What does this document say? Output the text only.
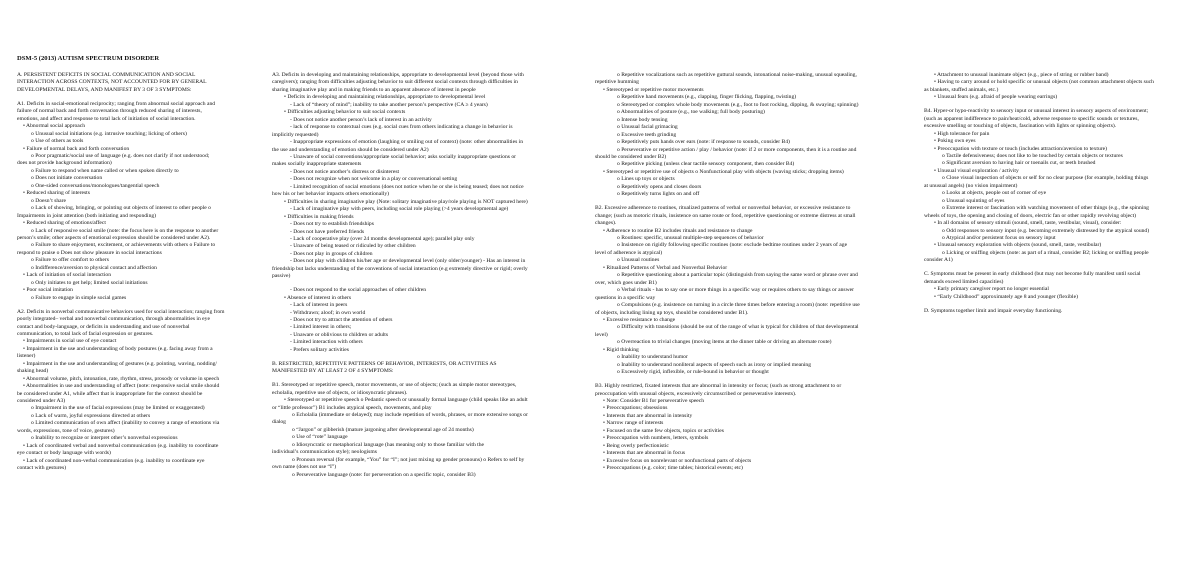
DSM-5 (2013) AUTISM SPECTRUM DISORDER
A. PERSISTENT DEFICITS IN SOCIAL COMMUNICATION AND SOCIAL
INTERACTION ACROSS CONTEXTS, NOT ACCOUNTED FOR BY GENERAL
DEVELOPMENTAL DELAYS, AND MANIFEST BY 3 OF 3 SYMPTOMS:
A1. Deficits in social-emotional reciprocity; ranging from abnormal social approach and
failure of normal back and forth conversation through reduced sharing of interests,
emotions, and affect and response to total lack of initiation of social interaction.
• Abnormal social approach
o Unusual social initiations (e.g. intrusive touching; licking of others)
o Use of others as tools
• Failure of normal back and forth conversation
o Poor pragmatic/social use of language (e.g. does not clarify if not understood;
does not provide background information)
o Failure to respond when name called or when spoken directly to
o Does not initiate conversation
o One-sided conversations/monologues/tangential speech
• Reduced sharing of interests
o Doesn’t share
o Lack of showing, bringing, or pointing out objects of interest to other people o
Impairments in joint attention (both initiating and responding)
• Reduced sharing of emotions/affect
o Lack of responsive social smile (note: the focus here is on the response to another
person’s smile; other aspects of emotional expression should be considered under A2).
o Failure to share enjoyment, excitement, or achievements with others o Failure to
respond to praise o Does not show pleasure in social interactions
o Failure to offer comfort to others
o Indifference/aversion to physical contact and affection
• Lack of initiation of social interaction
o Only initiates to get help; limited social initiations
• Poor social imitation
o Failure to engage in simple social games
A2. Deficits in nonverbal communicative behaviors used for social interaction; ranging from
poorly integrated– verbal and nonverbal communication, through abnormalities in eye
contact and body-language, or deficits in understanding and use of nonverbal
communication, to total lack of facial expression or gestures.
• Impairments in social use of eye contact
• Impairment in the use and understanding of body postures (e.g. facing away from a
listener)
• Impairment in the use and understanding of gestures (e.g. pointing, waving, nodding/
shaking head)
• Abnormal volume, pitch, intonation, rate, rhythm, stress, prosody or volume in speech
• Abnormalities in use and understanding of affect (note: responsive social smile should
be considered under A1, while affect that is inappropriate for the context should be
considered under A3)
o Impairment in the use of facial expressions (may be limited or exaggerated)
o Lack of warm, joyful expressions directed at others
o Limited communication of own affect (inability to convey a range of emotions via
words, expressions, tone of voice, gestures)
o Inability to recognize or interpret other’s nonverbal expressions
• Lack of coordinated verbal and nonverbal communication (e.g. inability to coordinate
eye contact or body language with words)
• Lack of coordinated non-verbal communication (e.g. inability to coordinate eye
contact with gestures)
A3. Deficits in developing and maintaining relationships, appropriate to developmental level (beyond those with
caregivers); ranging from difficulties adjusting behavior to suit different social contexts through difficulties in
sharing imaginative play and in making friends to an apparent absence of interest in people
• Deficits in developing and maintaining relationships, appropriate to developmental level
- Lack of “theory of mind”; inability to take another person’s perspective (CA ≥ 4 years)
• Difficulties adjusting behavior to suit social contexts
- Does not notice another person’s lack of interest in an activity
- lack of response to contextual cues (e.g. social cues from others indicating a change in behavior is
implicitly requested)
- Inappropriate expressions of emotion (laughing or smiling out of context) (note: other abnormalities in
the use and understanding of emotion should be considered under A2)
- Unaware of social conventions/appropriate social behavior; asks socially inappropriate questions or
makes socially inappropriate statements
- Does not notice another’s distress or disinterest
- Does not recognize when not welcome in a play or conversational setting
- Limited recognition of social emotions (does not notice when he or she is being teased; does not notice
how his or her behavior impacts others emotionally)
• Difficulties in sharing imaginative play (Note: solitary imaginative play/role playing is NOT captured here)
- Lack of imaginative play with peers, including social role playing (>4 years developmental age)
• Difficulties in making friends
- Does not try to establish friendships
- Does not have preferred friends
- Lack of cooperative play (over 24 months developmental age); parallel play only
- Unaware of being teased or ridiculed by other children
- Does not play in groups of children
- Does not play with children his/her age or developmental level (only older/younger) - Has an interest in
friendship but lacks understanding of the conventions of social interaction (e.g extremely directive or rigid; overly
passive)
- Does not respond to the social approaches of other children
• Absence of interest in others
- Lack of interest in peers
- Withdrawn; aloof; in own world
- Does not try to attract the attention of others
- Limited interest in others;
- Unaware or oblivious to children or adults
- Limited interaction with others
- Prefers solitary activities
B. RESTRICTED, REPETITIVE PATTERNS OF BEHAVIOR, INTERESTS, OR ACTIVITIES AS
MANIFESTED BY AT LEAST 2 OF 4 SYMPTOMS:
B1. Stereotyped or repetitive speech, motor movements, or use of objects; (such as simple motor stereotypes,
echolalia, repetitive use of objects, or idiosyncratic phrases).
• Stereotyped or repetitive speech o Pedantic speech or unusually formal language (child speaks like an adult
or “little professor”) B1 includes atypical speech, movements, and play
o Echolalia (immediate or delayed); may include repetition of words, phrases, or more extensive songs or
dialog
o “Jargon” or gibberish (mature jargoning after developmental age of 24 months)
o Use of “rote” language
o Idiosyncratic or metaphorical language (has meaning only to those familiar with the
individual’s communication style); neologisms
o Pronoun reversal (for example, “You” for “I”; not just mixing up gender pronouns) o Refers to self by
own name (does not use “I”)
o Perseverative language (note: for perseveration on a specific topic, consider B3)
o Repetitive vocalizations such as repetitive guttural sounds, intonational noise-making, unusual squealing,
repetitive humming
• Stereotyped or repetitive motor movements
o Repetitive hand movements (e.g., clapping, finger flicking, flapping, twisting)
o Stereotyped or complex whole body movements (e.g., foot to foot rocking, dipping, & swaying; spinning)
o Abnormalities of posture (e.g., toe walking; full body posturing)
o Intense body tensing
o Unusual facial grimacing
o Excessive teeth grinding
o Repetitively puts hands over ears (note: if response to sounds, consider B4)
o Perseverative or repetitive action / play / behavior (note: if 2 or more components, then it is a routine and
should be considered under B2)
o Repetitive picking (unless clear tactile sensory component, then consider B4)
• Stereotyped or repetitive use of objects o Nonfunctional play with objects (waving sticks; dropping items)
o Lines up toys or objects
o Repetitively opens and closes doors
o Repetitively turns lights on and off
B2. Excessive adherence to routines, ritualized patterns of verbal or nonverbal behavior, or excessive resistance to
change; (such as motoric rituals, insistence on same route or food, repetitive questioning or extreme distress at small
changes).
• Adherence to routine B2 includes rituals and resistance to change
o Routines: specific, unusual multiple-step sequences of behavior
o Insistence on rigidly following specific routines (note: exclude bedtime routines under 2 years of age
level of adherence is atypical)
o Unusual routines
• Ritualized Patterns of Verbal and Nonverbal Behavior
o Repetitive questioning about a particular topic (distinguish from saying the same word or phrase over and
over, which goes under B1)
o Verbal rituals - has to say one or more things in a specific way or requires others to say things or answer
questions in a specific way
o Compulsions (e.g. insistence on turning in a circle three times before entering a room) (note: repetitive use
of objects, including lining up toys, should be considered under B1).
• Excessive resistance to change
o Difficulty with transitions (should be out of the range of what is typical for children of that developmental
level)
o Overreaction to trivial changes (moving items at the dinner table or driving an alternate route)
• Rigid thinking
o Inability to understand humor
o Inability to understand nonliteral aspects of speech such as irony or implied meaning
o Excessively rigid, inflexible, or rule-bound in behavior or thought
B3. Highly restricted, fixated interests that are abnormal in intensity or focus; (such as strong attachment to or
preoccupation with unusual objects, excessively circumscribed or perseverative interests).
• Note: Consider B1 for perseverative speech
• Preoccupations; obsessions
• Interests that are abnormal in intensity
• Narrow range of interests
• Focused on the same few objects, topics or activities
• Preoccupation with numbers, letters, symbols
• Being overly perfectionistic
• Interests that are abnormal in focus
• Excessive focus on nonrelevant or nonfunctional parts of objects
• Preoccupations (e.g. color; time tables; historical events; etc)
• Attachment to unusual inanimate object (e.g., piece of string or rubber band)
• Having to carry around or hold specific or unusual objects (not common attachment objects such
as blankets, stuffed animals, etc.)
• Unusual fears (e.g. afraid of people wearing earrings)
B4. Hyper-or hypo-reactivity to sensory input or unusual interest in sensory aspects of environment;
(such as apparent indifference to pain/heat/cold, adverse response to specific sounds or textures,
excessive smelling or touching of objects, fascination with lights or spinning objects).
• High tolerance for pain
• Poking own eyes
• Preoccupation with texture or touch (includes attraction/aversion to texture)
o Tactile defensiveness; does not like to be touched by certain objects or textures
o Significant aversion to having hair or toenails cut, or teeth brushed
• Unusual visual exploration / activity
o Close visual inspection of objects or self for no clear purpose (for example, holding things
at unusual angels) (no vision impairment)
o Looks at objects, people out of corner of eye
o Unusual squinting of eyes
o Extreme interest or fascination with watching movement of other things (e.g., the spinning
wheels of toys, the opening and closing of doors, electric fan or other rapidly revolving object)
• In all domains of sensory stimuli (sound, smell, taste, vestibular, visual), consider:
o Odd responses to sensory input (e.g. becoming extremely distressed by the atypical sound)
o Atypical and/or persistent focus on sensory input
• Unusual sensory exploration with objects (sound, smell, taste, vestibular)
o Licking or sniffing objects (note: as part of a ritual, consider B2; licking or sniffing people
consider A1)
C. Symptoms must be present in early childhood (but may not become fully manifest until social
demands exceed limited capacities)
• Early primary caregiver report no longer essential
• “Early Childhood” approximately age 8 and younger (flexible)
D. Symptoms together limit and impair everyday functioning.
